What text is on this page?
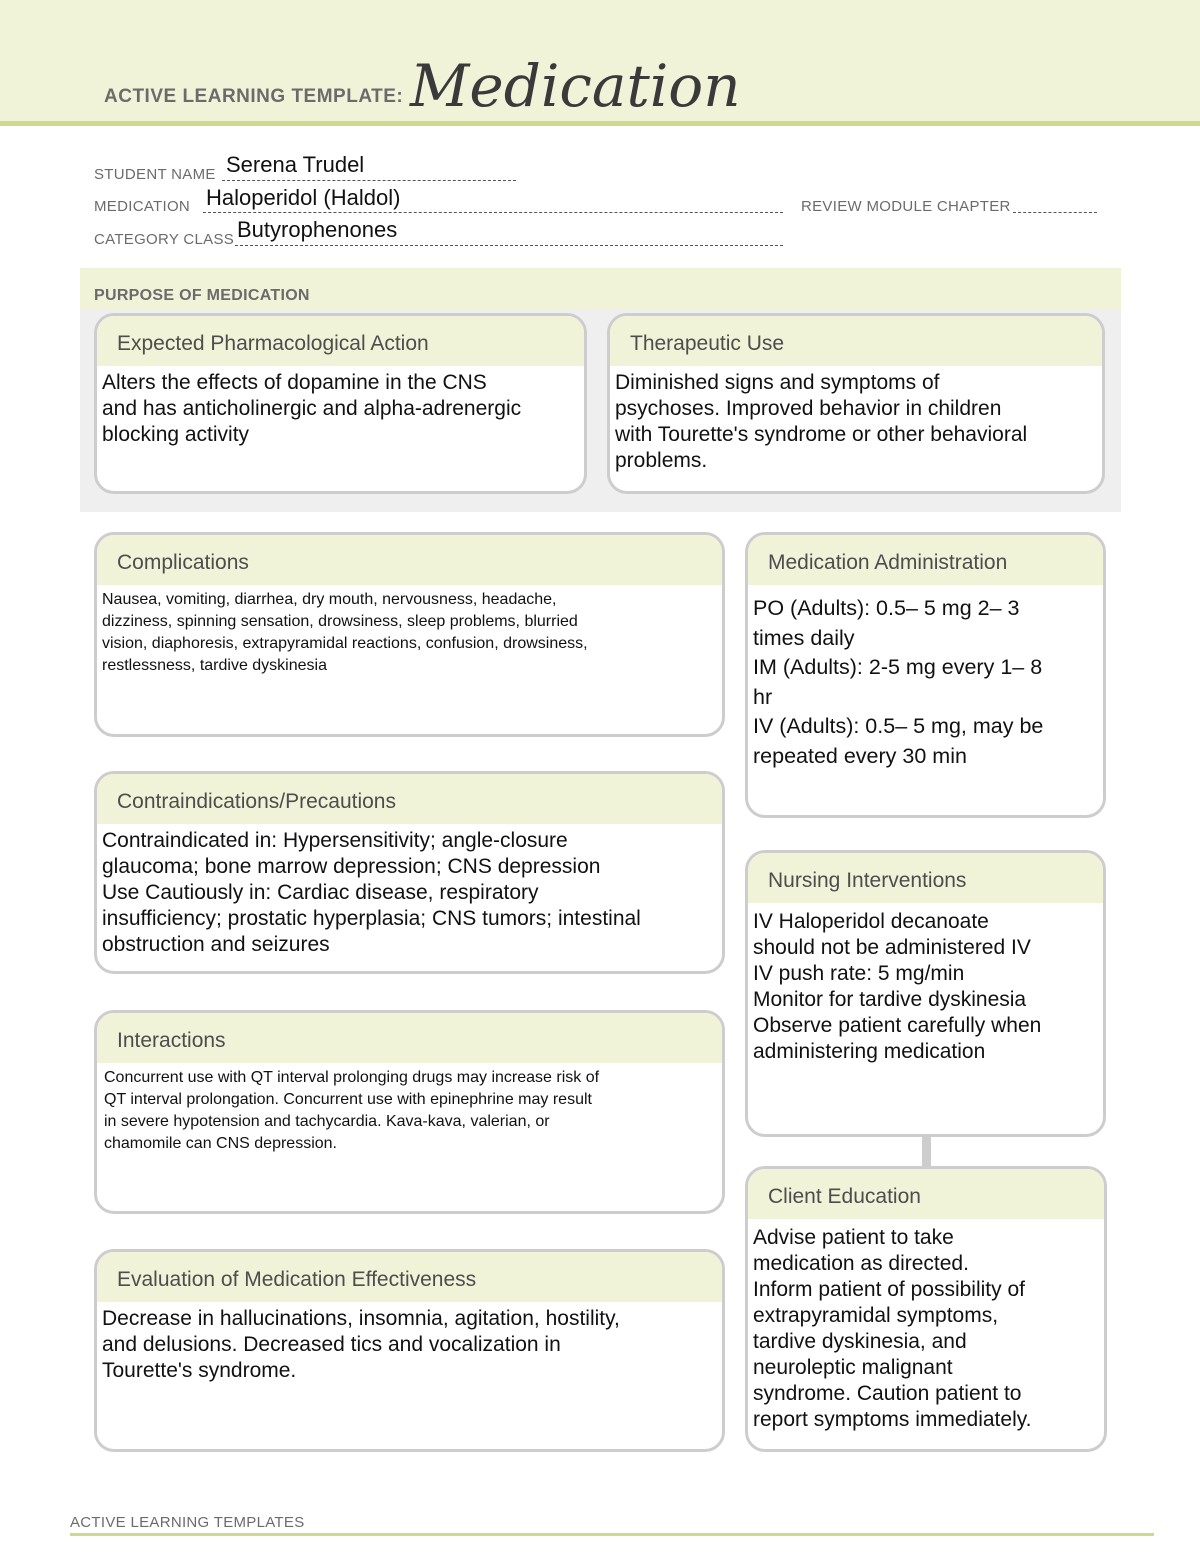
ACTIVE LEARNING TEMPLATE: Medication
STUDENT NAME Serena Trudel
MEDICATION Haloperidol (Haldol)	REVIEW MODULE CHAPTER
CATEGORY CLASS Butyrophenones
PURPOSE OF MEDICATION
Expected Pharmacological Action
Alters the effects of dopamine in the CNS
and has anticholinergic and alpha-adrenergic
blocking activity
Therapeutic Use
Diminished signs and symptoms of
psychoses. Improved behavior in children
with Tourette's syndrome or other behavioral
problems.
Complications
Nausea, vomiting, diarrhea, dry mouth, nervousness, headache,
dizziness, spinning sensation, drowsiness, sleep problems, blurried
vision, diaphoresis, extrapyramidal reactions, confusion, drowsiness,
restlessness, tardive dyskinesia
Medication Administration
PO (Adults): 0.5– 5 mg 2– 3
times daily
IM (Adults): 2-5 mg every 1– 8
hr
IV (Adults): 0.5– 5 mg, may be
repeated every 30 min
Contraindications/Precautions
Contraindicated in: Hypersensitivity; angle-closure
glaucoma; bone marrow depression; CNS depression
Use Cautiously in: Cardiac disease, respiratory
insufficiency; prostatic hyperplasia; CNS tumors; intestinal
obstruction and seizures
Nursing Interventions
IV Haloperidol decanoate
should not be administered IV
IV push rate: 5 mg/min
Monitor for tardive dyskinesia
Observe patient carefully when
administering medication
Interactions
Concurrent use with QT interval prolonging drugs may increase risk of
QT interval prolongation. Concurrent use with epinephrine may result
in severe hypotension and tachycardia. Kava-kava, valerian, or
chamomile can CNS depression.
Client Education
Advise patient to take
medication as directed.
Inform patient of possibility of
extrapyramidal symptoms,
tardive dyskinesia, and
neuroleptic malignant
syndrome. Caution patient to
report symptoms immediately.
Evaluation of Medication Effectiveness
Decrease in hallucinations, insomnia, agitation, hostility,
and delusions. Decreased tics and vocalization in
Tourette's syndrome.
ACTIVE LEARNING TEMPLATES
